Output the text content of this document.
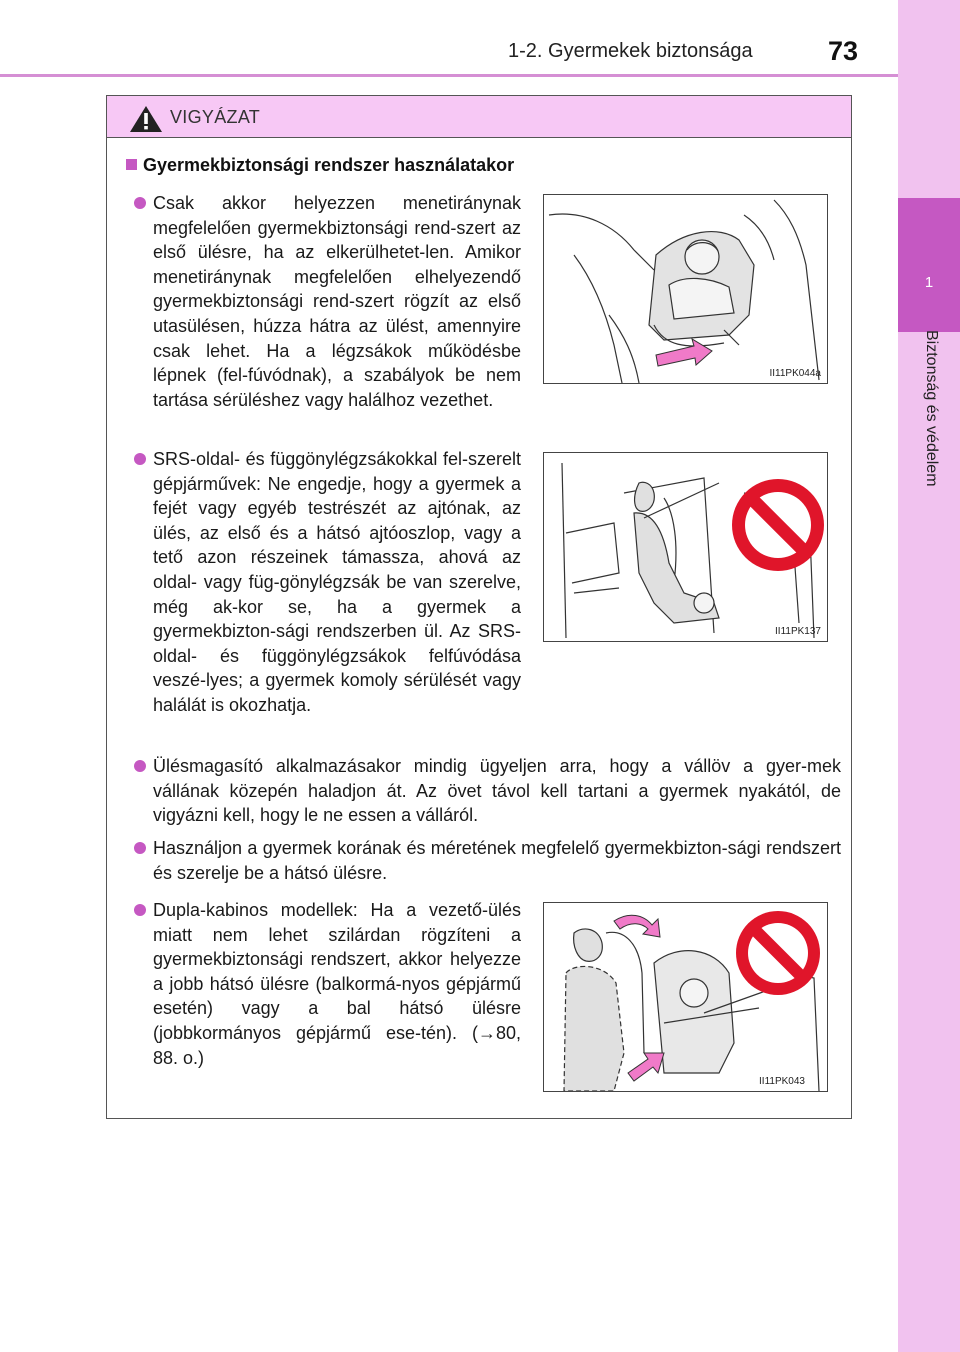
1-2. Gyermekek biztonsága	73
1
Biztonság és védelem
VIGYÁZAT
Gyermekbiztonsági rendszer használatakor
Csak akkor helyezzen menetiránynak megfelelően gyermekbiztonsági rend-szert az első ülésre, ha az elkerülhetet-len. Amikor menetiránynak megfelelően elhelyezendő gyermekbiztonsági rend-szert rögzít az első utasülésen, húzza hátra az ülést, amennyire csak lehet. Ha a légzsákok működésbe lépnek (fel-fúvódnak), a szabályok be nem tartása sérüléshez vagy halálhoz vezethet.
II11PK044a
SRS-oldal- és függönylégzsákokkal fel-szerelt gépjárművek: Ne engedje, hogy a gyermek a fejét vagy egyéb testrészét az ajtónak, az ülés, az első és a hátsó ajtóoszlop, vagy a tető azon részeinek támassza, ahová az oldal- vagy füg-gönylégzsák be van szerelve, még ak-kor se, ha a gyermek a gyermekbizton-sági rendszerben ül. Az SRS-oldal- és függönylégzsákok felfúvódása veszé-lyes; a gyermek komoly sérülését vagy halálát is okozhatja.
II11PK137
Ülésmagasító alkalmazásakor mindig ügyeljen arra, hogy a vállöv a gyer-mek vállának közepén haladjon át. Az övet távol kell tartani a gyermek nyakától, de vigyázni kell, hogy le ne essen a válláról.
Használjon a gyermek korának és méretének megfelelő gyermekbizton-sági rendszert és szerelje be a hátsó ülésre.
Dupla-kabinos modellek: Ha a vezető-ülés miatt nem lehet szilárdan rögzíteni a gyermekbiztonsági rendszert, akkor helyezze a jobb hátsó ülésre (balkormá-nyos gépjármű esetén) vagy a bal hátsó ülésre (jobbkormányos gépjármű ese-tén). (→80, 88. o.)
II11PK043
